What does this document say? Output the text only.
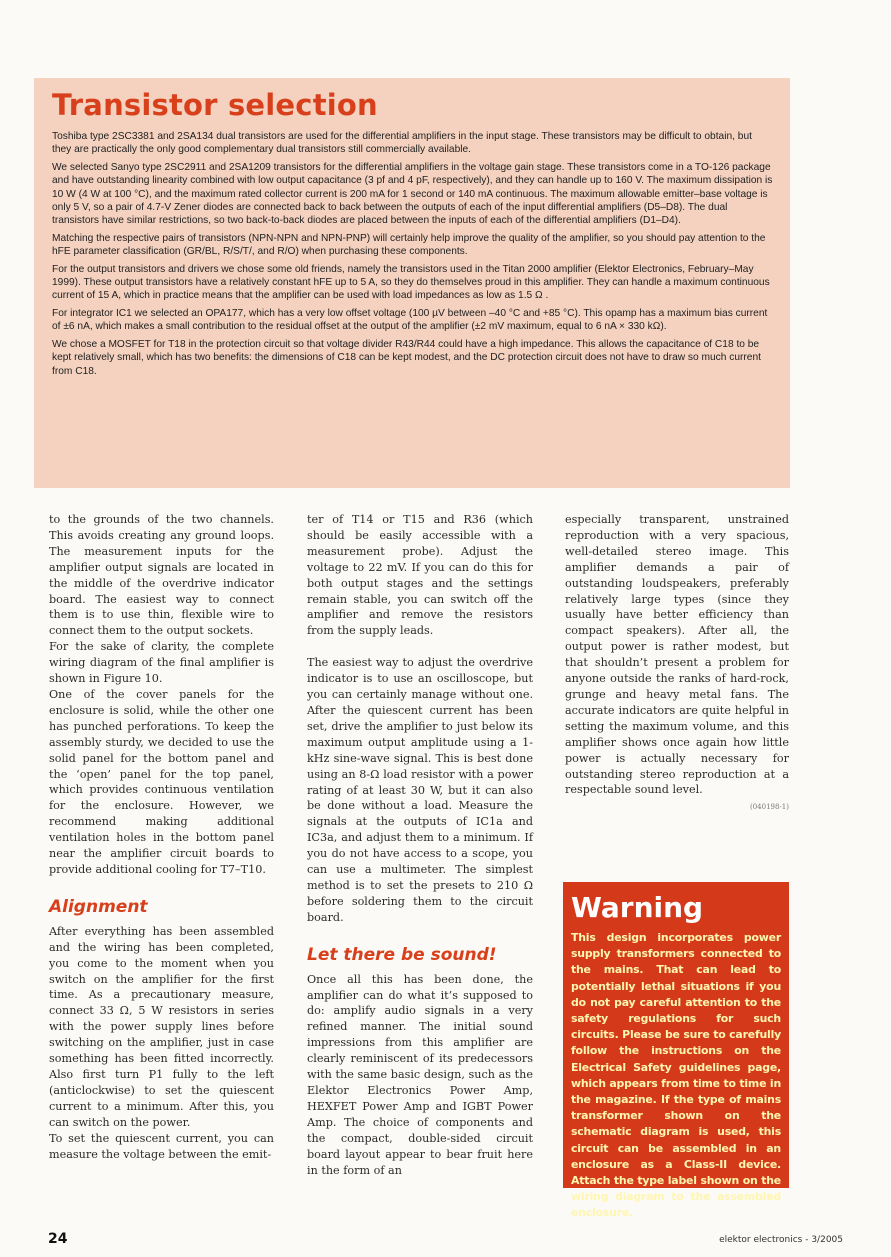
Transistor selection

Toshiba type 2SC3381 and 2SA134 dual transistors are used for the differential amplifiers in the input stage. These transistors may be difficult to obtain, but they are practically the only good complementary dual transistors still commercially available.

We selected Sanyo type 2SC2911 and 2SA1209 transistors for the differential amplifiers in the voltage gain stage. These transistors come in a TO-126 package and have outstanding linearity combined with low output capacitance (3 pf and 4 pF, respectively), and they can handle up to 160 V. The maximum dissipation is 10 W (4 W at 100 °C), and the maximum rated collector current is 200 mA for 1 second or 140 mA continuous. The maximum allowable emitter–base voltage is only 5 V, so a pair of 4.7-V Zener diodes are connected back to back between the outputs of each of the input differential amplifiers (D5–D8). The dual transistors have similar restrictions, so two back-to-back diodes are placed between the inputs of each of the differential amplifiers (D1–D4).

Matching the respective pairs of transistors (NPN-NPN and NPN-PNP) will certainly help improve the quality of the amplifier, so you should pay attention to the hFE parameter classification (GR/BL, R/S/T/, and R/O) when purchasing these components.

For the output transistors and drivers we chose some old friends, namely the transistors used in the Titan 2000 amplifier (Elektor Electronics, February–May 1999). These output transistors have a relatively constant hFE up to 5 A, so they do themselves proud in this amplifier. They can handle a maximum continuous current of 15 A, which in practice means that the amplifier can be used with load impedances as low as 1.5 Ω .

For integrator IC1 we selected an OPA177, which has a very low offset voltage (100 µV between –40 °C and +85 °C). This opamp has a maximum bias current of ±6 nA, which makes a small contribution to the residual offset at the output of the amplifier (±2 mV maximum, equal to 6 nA × 330 kΩ).

We chose a MOSFET for T18 in the protection circuit so that voltage divider R43/R44 could have a high impedance. This allows the capacitance of C18 to be kept relatively small, which has two benefits: the dimensions of C18 can be kept modest, and the DC protection circuit does not have to draw so much current from C18.

to the grounds of the two channels. This avoids creating any ground loops. The measurement inputs for the amplifier output signals are located in the middle of the overdrive indicator board. The easiest way to connect them is to use thin, flexible wire to connect them to the output sockets.

For the sake of clarity, the complete wiring diagram of the final amplifier is shown in Figure 10.

One of the cover panels for the enclosure is solid, while the other one has punched perforations. To keep the assembly sturdy, we decided to use the solid panel for the bottom panel and the ‘open’ panel for the top panel, which provides continuous ventilation for the enclosure. However, we recommend making additional ventilation holes in the bottom panel near the amplifier circuit boards to provide additional cooling for T7–T10.

Alignment

After everything has been assembled and the wiring has been completed, you come to the moment when you switch on the amplifier for the first time. As a precautionary measure, connect 33 Ω, 5 W resistors in series with the power supply lines before switching on the amplifier, just in case something has been fitted incorrectly. Also first turn P1 fully to the left (anticlockwise) to set the quiescent current to a minimum. After this, you can switch on the power.

To set the quiescent current, you can measure the voltage between the emit-

ter of T14 or T15 and R36 (which should be easily accessible with a measurement probe). Adjust the voltage to 22 mV. If you can do this for both output stages and the settings remain stable, you can switch off the amplifier and remove the resistors from the supply leads.

The easiest way to adjust the overdrive indicator is to use an oscilloscope, but you can certainly manage without one. After the quiescent current has been set, drive the amplifier to just below its maximum output amplitude using a 1-kHz sine-wave signal. This is best done using an 8-Ω load resistor with a power rating of at least 30 W, but it can also be done without a load. Measure the signals at the outputs of IC1a and IC3a, and adjust them to a minimum. If you do not have access to a scope, you can use a multimeter. The simplest method is to set the presets to 210 Ω before soldering them to the circuit board.

Let there be sound!

Once all this has been done, the amplifier can do what it’s supposed to do: amplify audio signals in a very refined manner. The initial sound impressions from this amplifier are clearly reminiscent of its predecessors with the same basic design, such as the Elektor Electronics Power Amp, HEXFET Power Amp and IGBT Power Amp. The choice of components and the compact, double-sided circuit board layout appear to bear fruit here in the form of an

especially transparent, unstrained reproduction with a very spacious, well-detailed stereo image. This amplifier demands a pair of outstanding loudspeakers, preferably relatively large types (since they usually have better efficiency than compact speakers). After all, the output power is rather modest, but that shouldn’t present a problem for anyone outside the ranks of hard-rock, grunge and heavy metal fans. The accurate indicators are quite helpful in setting the maximum volume, and this amplifier shows once again how little power is actually necessary for outstanding stereo reproduction at a respectable sound level.

(040198-1)
Warning

This design incorporates power supply transformers connected to the mains. That can lead to potentially lethal situations if you do not pay careful attention to the safety regulations for such circuits. Please be sure to carefully follow the instructions on the Electrical Safety guidelines page, which appears from time to time in the magazine. If the type of mains transformer shown on the schematic diagram is used, this circuit can be assembled in an enclosure as a Class-II device. Attach the type label shown on the wiring diagram to the assembled enclosure.

24	elektor electronics - 3/2005
